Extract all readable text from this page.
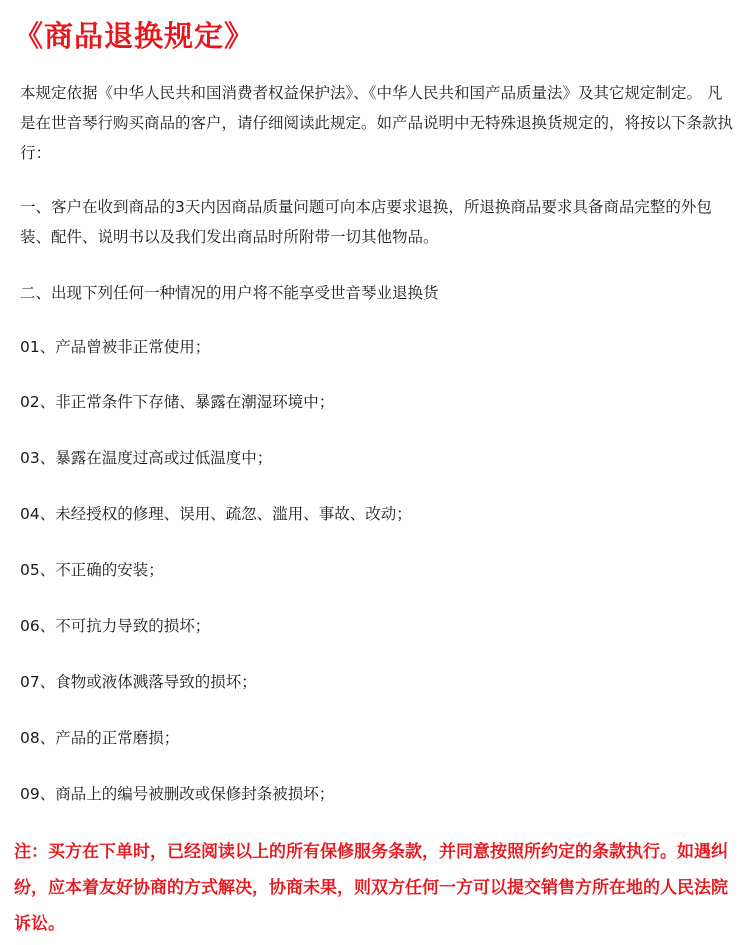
《商品退换规定》

本规定依据《中华人民共和国消费者权益保护法》、《中华人民共和国产品质量法》及其它规定制定。 凡是在世音琴行购买商品的客户，请仔细阅读此规定。如产品说明中无特殊退换货规定的，将按以下条款执行：

一、客户在收到商品的3天内因商品质量问题可向本店要求退换，所退换商品要求具备商品完整的外包装、配件、说明书以及我们发出商品时所附带一切其他物品。

二、出现下列任何一种情况的用户将不能享受世音琴业退换货

01、产品曾被非正常使用；
02、非正常条件下存储、暴露在潮湿环境中；
03、暴露在温度过高或过低温度中；
04、未经授权的修理、误用、疏忽、滥用、事故、改动；
05、不正确的安装；
06、不可抗力导致的损坏；
07、食物或液体溅落导致的损坏；
08、产品的正常磨损；
09、商品上的编号被删改或保修封条被损坏；

注：买方在下单时，已经阅读以上的所有保修服务条款，并同意按照所约定的条款执行。如遇纠纷，应本着友好协商的方式解决，协商未果，则双方任何一方可以提交销售方所在地的人民法院诉讼。
